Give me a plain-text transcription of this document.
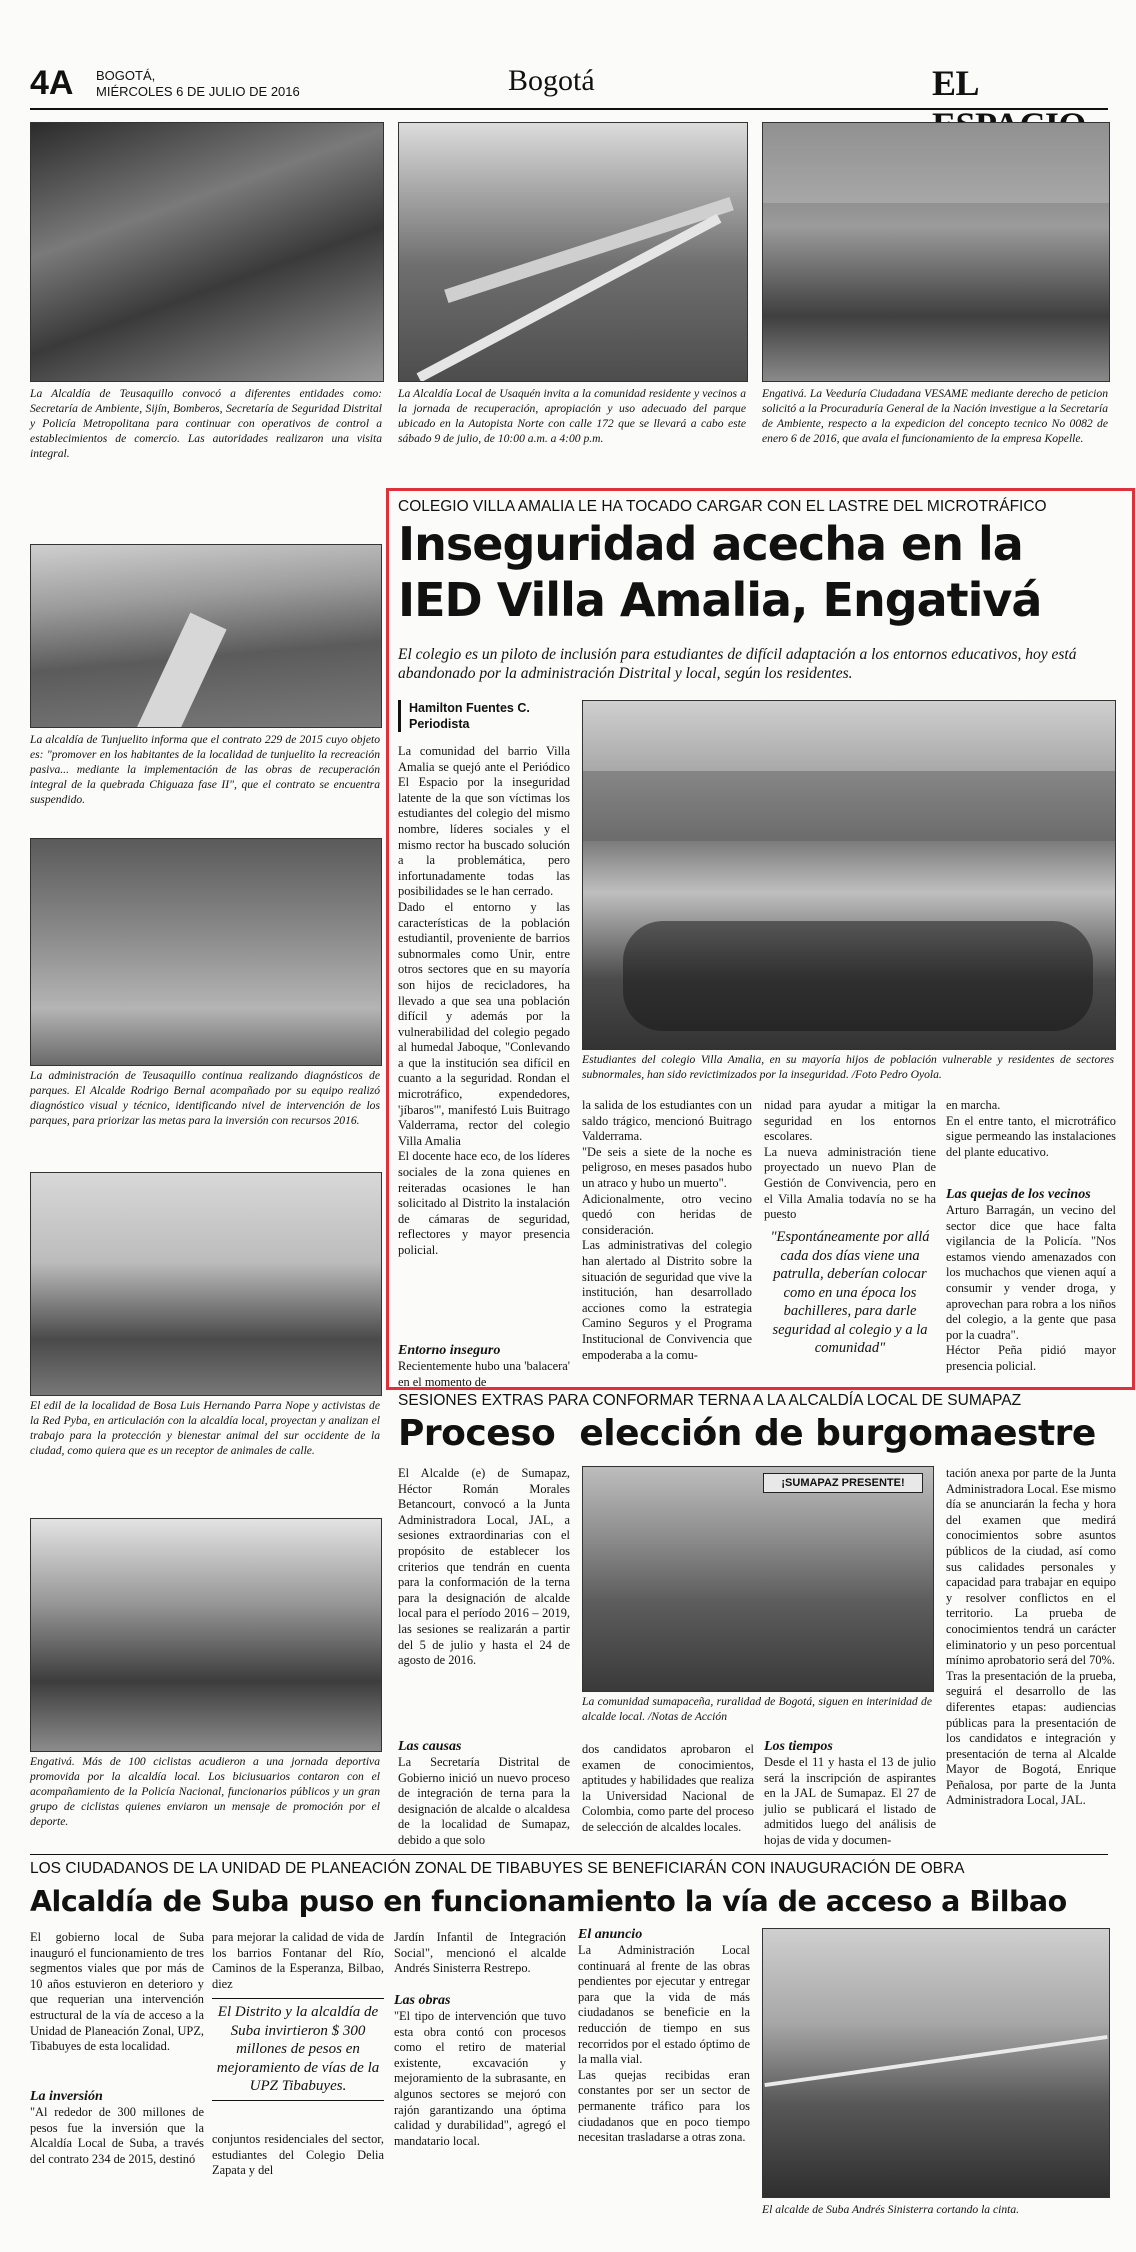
4A BOGOTÁ,
MIÉRCOLES 6 DE JULIO DE 2016	Bogotá	EL
La Alcaldía de Teusaquillo convocó a diferentes entidades como: Secretaría de Ambiente, Sijín, Bomberos, Secretaría de Seguridad Distrital y Policía Metropolitana para continuar con operativos de control a establecimientos de comercio. Las autoridades realizaron una visita integral.
La Alcaldía Local de Usaquén invita a la comunidad residente y vecinos a la jornada de recuperación, apropiación y uso adecuado del parque ubicado en la Autopista Norte con calle 172 que se llevará a cabo este sábado 9 de julio, de 10:00 a.m. a 4:00 p.m.
Engativá. La Veeduría Ciudadana VESAME mediante derecho de peticion solicitó a la Procuraduría General de la Nación investigue a la Secretaría de Ambiente, respecto a la expedicion del concepto tecnico No 0082 de enero 6 de 2016, que avala el funcionamiento de la empresa Kopelle.
La alcaldía de Tunjuelito informa que el contrato 229 de 2015 cuyo objeto es: "promover en los habitantes de la localidad de tunjuelito la recreación pasiva... mediante la implementación de las obras de recuperación integral de la quebrada Chiguaza fase II", que el contrato se encuentra suspendido.
La administración de Teusaquillo continua realizando diagnósticos de parques. El Alcalde Rodrigo Bernal acompañado por su equipo realizó diagnóstico visual y técnico, identificando nivel de intervención de los parques, para priorizar las metas para la inversión con recursos 2016.
El edil de la localidad de Bosa Luis Hernando Parra Nope y activistas de la Red Pyba, en articulación con la alcaldía local, proyectan y analizan el trabajo para la protección y bienestar animal del sur occidente de la ciudad, como quiera que es un receptor de animales de calle.
Engativá. Más de 100 ciclistas acudieron a una jornada deportiva promovida por la alcaldía local. Los biciusuarios contaron con el acompañamiento de la Policía Nacional, funcionarios públicos y un gran grupo de ciclistas quienes enviaron un mensaje de promoción por el deporte.
COLEGIO VILLA AMALIA LE HA TOCADO CARGAR CON EL LASTRE DEL MICROTRÁFICO
Inseguridad acecha en la
IED Villa Amalia, Engativá
El colegio es un piloto de inclusión para estudiantes de difícil adaptación a los entornos educativos, hoy está abandonado por la administración Distrital y local, según los residentes.
Hamilton Fuentes C.
Periodista
La comunidad del barrio Villa Amalia se quejó ante el Periódico El Espacio por la inseguridad latente de la que son víctimas los estudiantes del colegio del mismo nombre, líderes sociales y el mismo rector ha buscado solución a la problemática, pero infortunadamente todas las posibilidades se le han cerrado.
Dado el entorno y las características de la población estudiantil, proveniente de barrios subnormales como Unir, entre otros sectores que en su mayoría son hijos de recicladores, ha llevado a que sea una población difícil y además por la vulnerabilidad del colegio pegado al humedal Jaboque, "Conlevando a que la institución sea difícil en cuanto a la seguridad. Rondan el microtráfico, expendedores, 'jíbaros'", manifestó Luis Buitrago Valderrama, rector del colegio Villa Amalia
El docente hace eco, de los líderes sociales de la zona quienes en reiteradas ocasiones le han solicitado al Distrito la instalación de cámaras de seguridad, reflectores y mayor presencia policial.
Entorno inseguro
Recientemente hubo una 'balacera' en el momento de
Estudiantes del colegio Villa Amalia, en su mayoría hijos de población vulnerable y residentes de sectores subnormales, han sido revictimizados por la inseguridad. /Foto Pedro Oyola.
la salida de los estudiantes con un saldo trágico, mencionó Buitrago Valderrama.
"De seis a siete de la noche es peligroso, en meses pasados hubo un atraco y hubo un muerto".
Adicionalmente, otro vecino quedó con heridas de consideración.
Las administrativas del colegio han alertado al Distrito sobre la situación de seguridad que vive la institución, han desarrollado acciones como la estrategia Camino Seguros y el Programa Institucional de Convivencia que empoderaba a la comu-
nidad para ayudar a mitigar la seguridad en los entornos escolares.
La nueva administración tiene proyectado un nuevo Plan de Gestión de Convivencia, pero en el Villa Amalia todavía no se ha puesto
"Espontáneamente por allá cada dos días viene una patrulla, deberían colocar como en una época los bachilleres, para darle seguridad al colegio y a la comunidad"
en marcha.
En el entre tanto, el microtráfico sigue permeando las instalaciones del plante educativo.
Las quejas de los vecinos
Arturo Barragán, un vecino del sector dice que hace falta vigilancia de la Policía. "Nos estamos viendo amenazados con los muchachos que vienen aquí a consumir y vender droga, y aprovechan para robra a los niños del colegio, a la gente que pasa por la cuadra".
Héctor Peña pidió mayor presencia policial.
SESIONES EXTRAS PARA CONFORMAR TERNA A LA ALCALDÍA LOCAL DE SUMAPAZ
Proceso  elección de burgomaestre
El Alcalde (e) de Sumapaz, Héctor Román Morales Betancourt, convocó a la Junta Administradora Local, JAL, a sesiones extraordinarias con el propósito de establecer los criterios que tendrán en cuenta para la conformación de la terna para la designación de alcalde local para el período 2016 – 2019, las sesiones se realizarán a partir del 5 de julio y hasta el 24 de agosto de 2016.
Las causas
La Secretaría Distrital de Gobierno inició un nuevo proceso de integración de terna para la designación de alcalde o alcaldesa de la localidad de Sumapaz, debido a que solo
¡SUMAPAZ PRESENTE!
La comunidad sumapaceña, ruralidad de Bogotá, siguen en interinidad de alcalde local. /Notas de Acción
dos candidatos aprobaron el examen de conocimientos, aptitudes y habilidades que realiza la Universidad Nacional de Colombia, como parte del proceso de selección de alcaldes locales.
Los tiempos
Desde el 11 y hasta el 13 de julio será la inscripción de aspirantes en la JAL de Sumapaz. El 27 de julio se publicará el listado de admitidos luego del análisis de hojas de vida y documen-
tación anexa por parte de la Junta Administradora Local. Ese mismo día se anunciarán la fecha y hora del examen que medirá conocimientos sobre asuntos públicos de la ciudad, así como sus calidades personales y capacidad para trabajar en equipo y resolver conflictos en el territorio. La prueba de conocimientos tendrá un carácter eliminatorio y un peso porcentual mínimo aprobatorio será del 70%.
Tras la presentación de la prueba, seguirá el desarrollo de las diferentes etapas: audiencias públicas para la presentación de los candidatos e integración y presentación de terna al Alcalde Mayor de Bogotá, Enrique Peñalosa, por parte de la Junta Administradora Local, JAL.
LOS CIUDADANOS DE LA UNIDAD DE PLANEACIÓN ZONAL DE TIBABUYES SE BENEFICIARÁN CON INAUGURACIÓN DE OBRA
Alcaldía de Suba puso en funcionamiento la vía de acceso a Bilbao
El gobierno local de Suba inauguró el funcionamiento de tres segmentos viales que por más de 10 años estuvieron en deterioro y que requerian una intervención estructural de la vía de acceso a la Unidad de Planeación Zonal, UPZ, Tibabuyes de esta localidad.
La inversión
"Al rededor de 300 millones de pesos fue la inversión que la Alcaldía Local de Suba, a través del contrato 234 de 2015, destinó
para mejorar la calidad de vida de los barrios Fontanar del Río, Caminos de la Esperanza, Bilbao, diez
El Distrito y la alcaldía de Suba invirtieron $ 300 millones de pesos en mejoramiento de vías de la UPZ Tibabuyes.
conjuntos residenciales del sector, estudiantes del Colegio Delia Zapata y del
Jardín Infantil de Integración Social", mencionó el alcalde Andrés Sinisterra Restrepo.
Las obras
"El tipo de intervención que tuvo esta obra contó con procesos como el retiro de material existente, excavación y mejoramiento de la subrasante, en algunos sectores se mejoró con rajón garantizando una óptima calidad y durabilidad", agregó el mandatario local.
El anuncio
La Administración Local continuará al frente de las obras pendientes por ejecutar y entregar para que la vida de más ciudadanos se beneficie en la reducción de tiempo en sus recorridos por el estado óptimo de la malla vial.
Las quejas recibidas eran constantes por ser un sector de permanente tráfico para los ciudadanos que en poco tiempo necesitan trasladarse a otras zona.
El alcalde de Suba Andrés Sinisterra cortando la cinta.
